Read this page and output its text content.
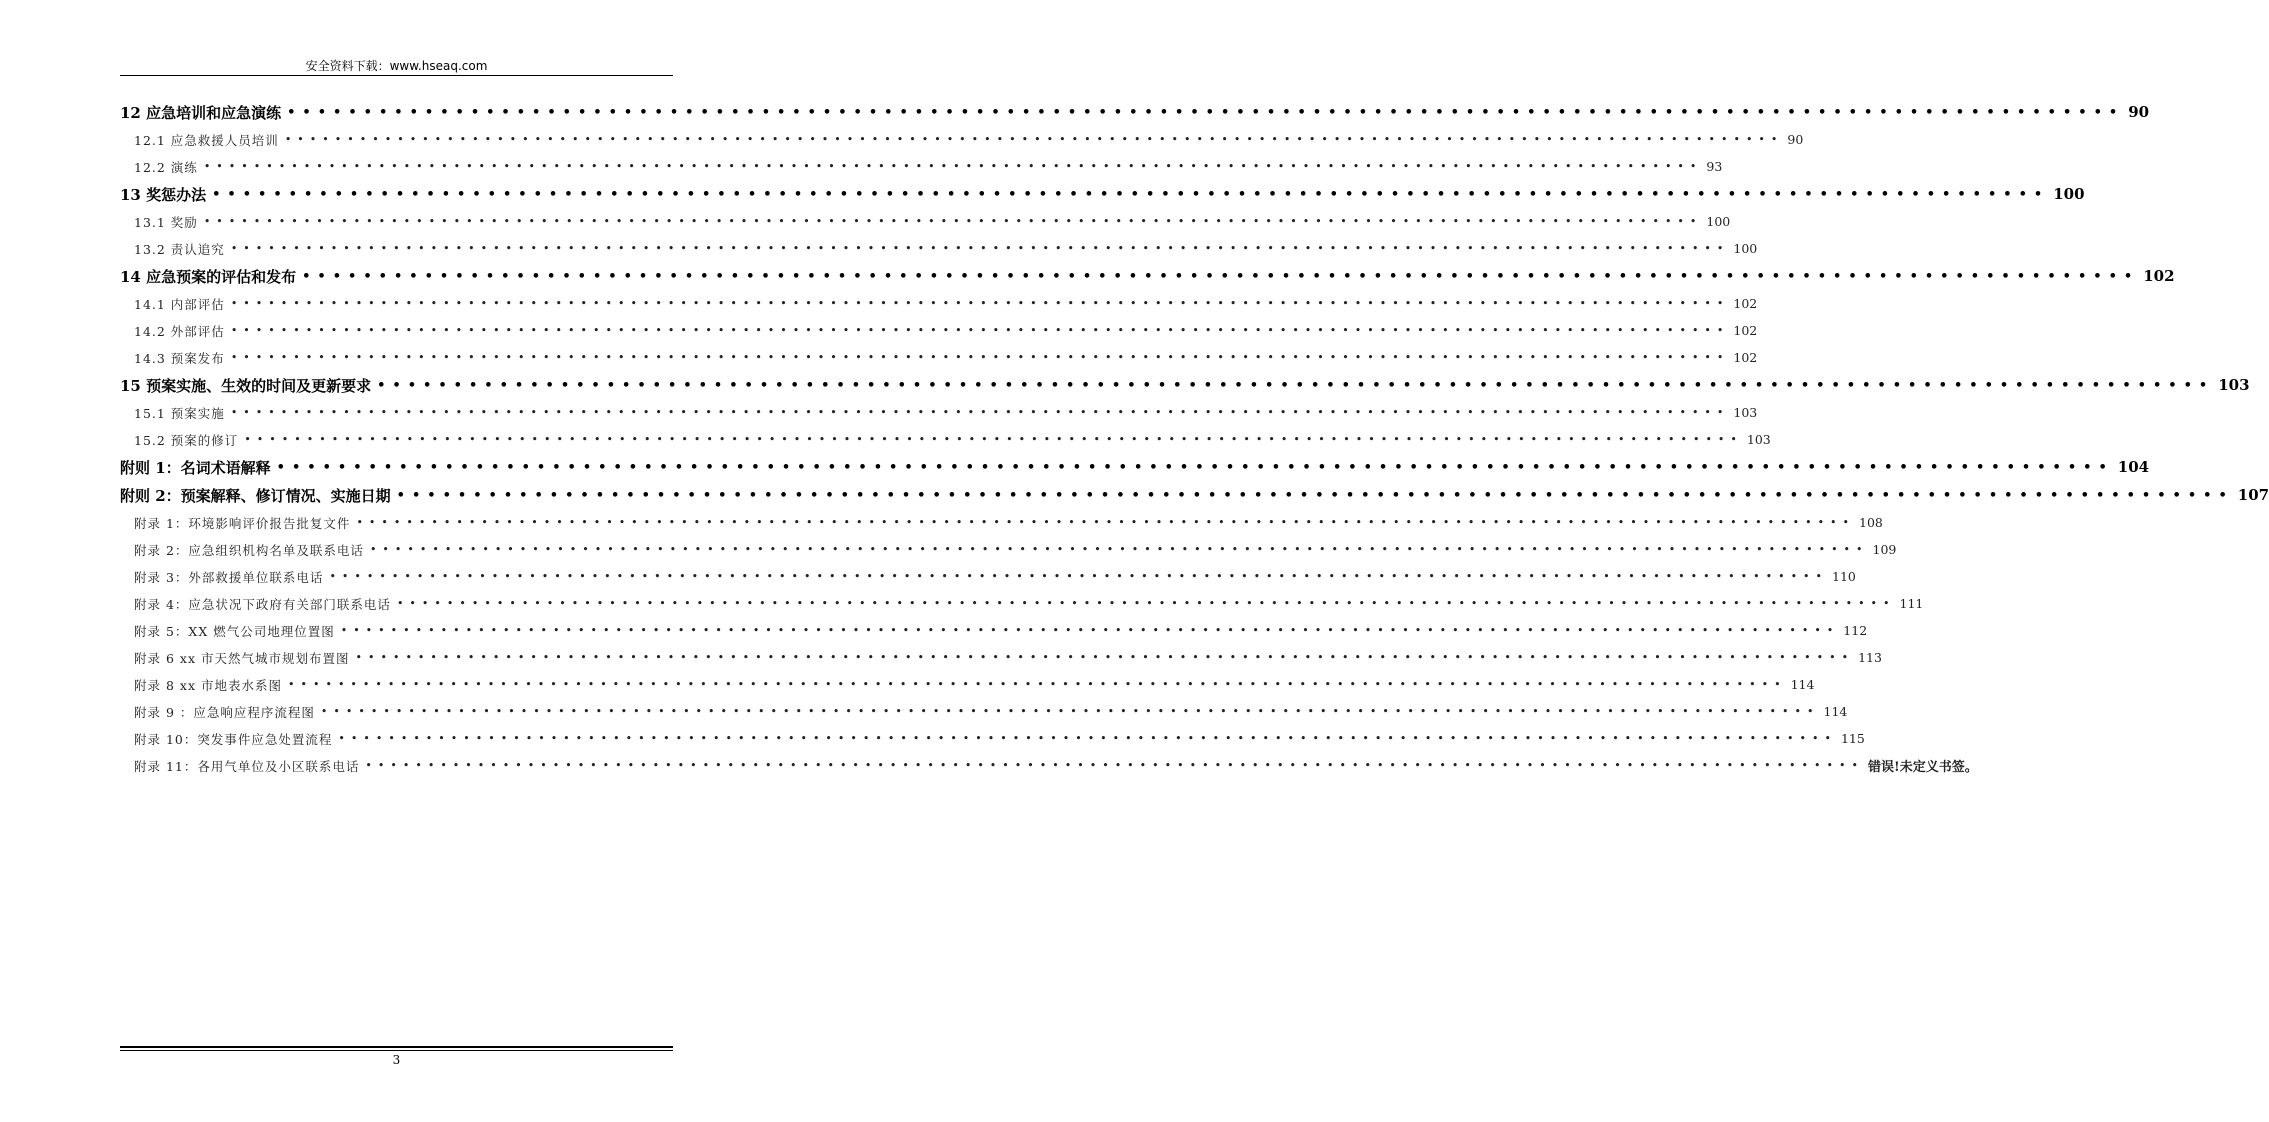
安全资料下载：www.hseaq.com
12 应急培训和应急演练 •••••••••••••••••••••••••••••••••••••••••••••••••••••••••••••••••••••••••••••••••••••••••••••••••••••••••••••••••••••••• 90
12.1 应急救援人员培训 •••••••••••••••••••••••••••••••••••••••••••••••••••••••••••••••••••••••••••••••••••••••••••••••••••••••••••••••••••••••• 90
12.2 演练 •••••••••••••••••••••••••••••••••••••••••••••••••••••••••••••••••••••••••••••••••••••••••••••••••••••••••••••••••••••••• 93
13 奖惩办法 •••••••••••••••••••••••••••••••••••••••••••••••••••••••••••••••••••••••••••••••••••••••••••••••••••••••••••••••••••••••• 100
13.1 奖励 •••••••••••••••••••••••••••••••••••••••••••••••••••••••••••••••••••••••••••••••••••••••••••••••••••••••••••••••••••••••• 100
13.2 责认追究 •••••••••••••••••••••••••••••••••••••••••••••••••••••••••••••••••••••••••••••••••••••••••••••••••••••••••••••••••••••••• 100
14 应急预案的评估和发布 •••••••••••••••••••••••••••••••••••••••••••••••••••••••••••••••••••••••••••••••••••••••••••••••••••••••••••••••••••••••• 102
14.1 内部评估 •••••••••••••••••••••••••••••••••••••••••••••••••••••••••••••••••••••••••••••••••••••••••••••••••••••••••••••••••••••••• 102
14.2 外部评估 •••••••••••••••••••••••••••••••••••••••••••••••••••••••••••••••••••••••••••••••••••••••••••••••••••••••••••••••••••••••• 102
14.3 预案发布 •••••••••••••••••••••••••••••••••••••••••••••••••••••••••••••••••••••••••••••••••••••••••••••••••••••••••••••••••••••••• 102
15 预案实施、生效的时间及更新要求 •••••••••••••••••••••••••••••••••••••••••••••••••••••••••••••••••••••••••••••••••••••••••••••••••••••••••••••••••••••••• 103
15.1 预案实施 •••••••••••••••••••••••••••••••••••••••••••••••••••••••••••••••••••••••••••••••••••••••••••••••••••••••••••••••••••••••• 103
15.2 预案的修订 •••••••••••••••••••••••••••••••••••••••••••••••••••••••••••••••••••••••••••••••••••••••••••••••••••••••••••••••••••••••• 103
附则 1：名词术语解释 •••••••••••••••••••••••••••••••••••••••••••••••••••••••••••••••••••••••••••••••••••••••••••••••••••••••••••••••••••••••• 104
附则 2：预案解释、修订情况、实施日期 •••••••••••••••••••••••••••••••••••••••••••••••••••••••••••••••••••••••••••••••••••••••••••••••••••••••••••••••••••••••• 107
附录 1：环境影响评价报告批复文件 •••••••••••••••••••••••••••••••••••••••••••••••••••••••••••••••••••••••••••••••••••••••••••••••••••••••••••••••••••••••• 108
附录 2：应急组织机构名单及联系电话 •••••••••••••••••••••••••••••••••••••••••••••••••••••••••••••••••••••••••••••••••••••••••••••••••••••••••••••••••••••••• 109
附录 3：外部救援单位联系电话 •••••••••••••••••••••••••••••••••••••••••••••••••••••••••••••••••••••••••••••••••••••••••••••••••••••••••••••••••••••••• 110
附录 4：应急状况下政府有关部门联系电话 •••••••••••••••••••••••••••••••••••••••••••••••••••••••••••••••••••••••••••••••••••••••••••••••••••••••••••••••••••••••• 111
附录 5：XX 燃气公司地理位置图 •••••••••••••••••••••••••••••••••••••••••••••••••••••••••••••••••••••••••••••••••••••••••••••••••••••••••••••••••••••••• 112
附录 6 xx 市天然气城市规划布置图 •••••••••••••••••••••••••••••••••••••••••••••••••••••••••••••••••••••••••••••••••••••••••••••••••••••••••••••••••••••••• 113
附录 8 xx 市地表水系图 •••••••••••••••••••••••••••••••••••••••••••••••••••••••••••••••••••••••••••••••••••••••••••••••••••••••••••••••••••••••• 114
附录 9 ：应急响应程序流程图 •••••••••••••••••••••••••••••••••••••••••••••••••••••••••••••••••••••••••••••••••••••••••••••••••••••••••••••••••••••••• 114
附录 10：突发事件应急处置流程 •••••••••••••••••••••••••••••••••••••••••••••••••••••••••••••••••••••••••••••••••••••••••••••••••••••••••••••••••••••••• 115
附录 11：各用气单位及小区联系电话 •••••••••••••••••••••••••••••••••••••••••••••••••••••••••••••••••••••••••••••••••••••••••••••••••••••••••••••••••••••••• 错误!未定义书签。
3
